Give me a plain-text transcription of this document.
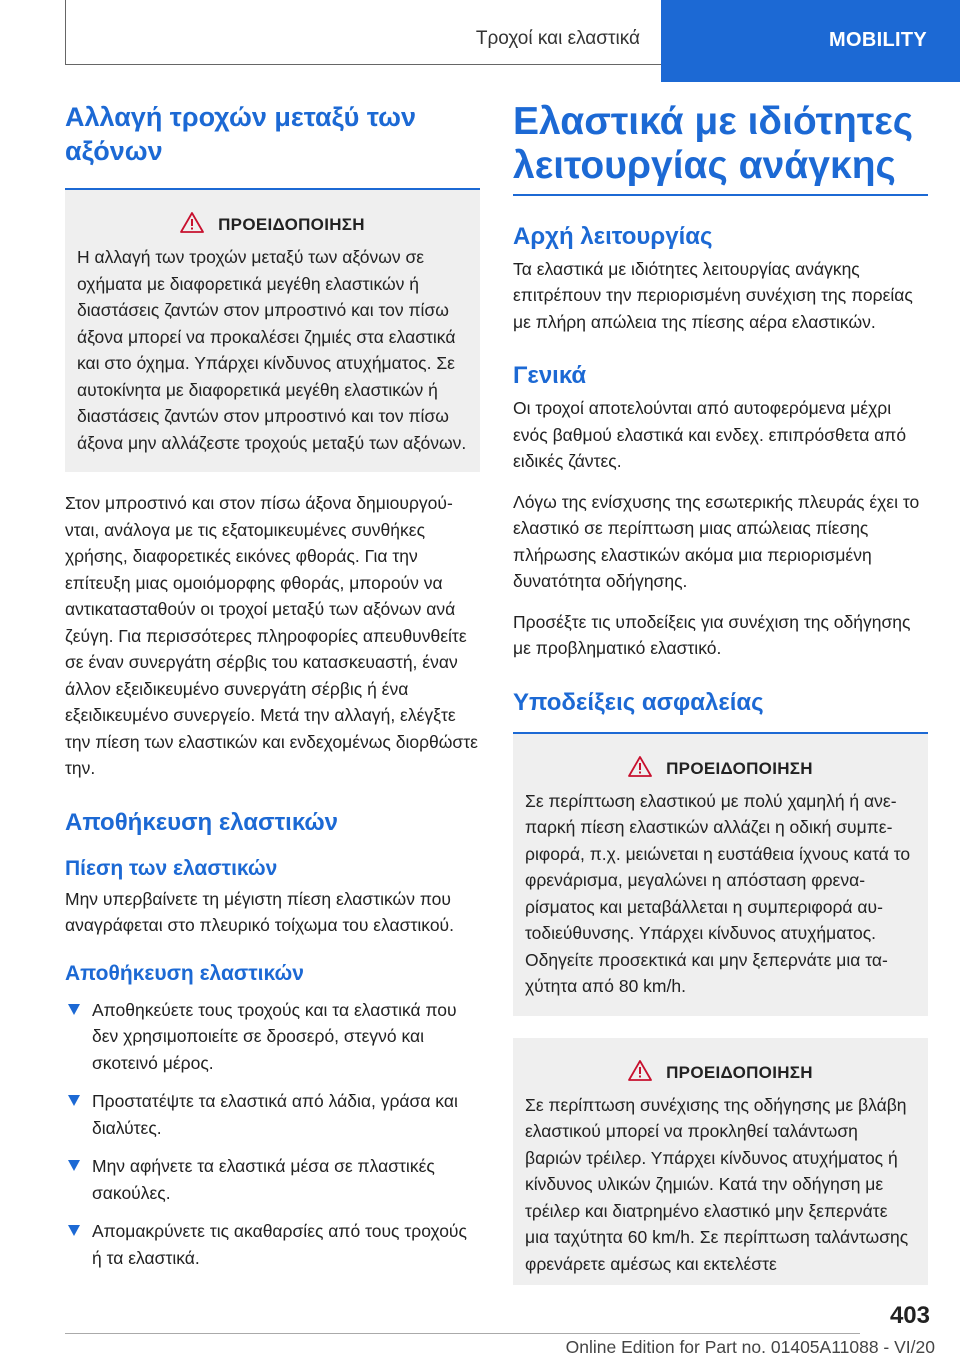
Τροχοί και ελαστικά	MOBILITY
Αλλαγή τροχών μεταξύ των αξόνων
ΠΡΟΕΙΔΟΠΟΙΗΣΗ

Η αλλαγή των τροχών μεταξύ των αξόνων σε οχήματα με διαφορετικά μεγέθη ελαστικών ή διαστάσεις ζαντών στον μπροστινό και τον πίσω άξονα μπορεί να προκαλέσει ζημιές στα ελαστικά και στο όχημα. Υπάρχει κίνδυνος ατυχήματος. Σε αυτοκίνητα με διαφορετικά μεγέθη ελαστικών ή διαστάσεις ζαντών στον μπροστινό και τον πίσω άξονα μην αλλάζεστε τροχούς μεταξύ των αξόνων.

Στον μπροστινό και στον πίσω άξονα δημιουργούνται, ανάλογα με τις εξατομικευμένες συνθήκες χρήσης, διαφορετικές εικόνες φθοράς. Για την επίτευξη μιας ομοιόμορφης φθοράς, μπορούν να αντικατασταθούν οι τροχοί μεταξύ των αξόνων ανά ζεύγη. Για περισσότερες πληροφορίες απευθυνθείτε σε έναν συνεργάτη σέρβις του κατασκευαστή, έναν άλλον εξειδικευμένο συνεργάτη σέρβις ή ένα εξειδικευμένο συνεργείο. Μετά την αλλαγή, ελέγξτε την πίεση των ελαστικών και ενδεχομένως διορθώστε την.

Αποθήκευση ελαστικών
Πίεση των ελαστικών

Μην υπερβαίνετε τη μέγιστη πίεση ελαστικών που αναγράφεται στο πλευρικό τοίχωμα του ελαστικού.

Αποθήκευση ελαστικών
Αποθηκεύετε τους τροχούς και τα ελαστικά που δεν χρησιμοποιείτε σε δροσερό, στεγνό και σκοτεινό μέρος.
Προστατέψτε τα ελαστικά από λάδια, γράσα και διαλύτες.
Μην αφήνετε τα ελαστικά μέσα σε πλαστικές σακούλες.
Απομακρύνετε τις ακαθαρσίες από τους τροχούς ή τα ελαστικά.
Ελαστικά με ιδιότητες λειτουργίας ανάγκης
Αρχή λειτουργίας

Τα ελαστικά με ιδιότητες λειτουργίας ανάγκης επιτρέπουν την περιορισμένη συνέχιση της πορείας με πλήρη απώλεια της πίεσης αέρα ελαστικών.

Γενικά

Οι τροχοί αποτελούνται από αυτοφερόμενα μέχρι ενός βαθμού ελαστικά και ενδεχ. επιπρόσθετα από ειδικές ζάντες.

Λόγω της ενίσχυσης της εσωτερικής πλευράς έχει το ελαστικό σε περίπτωση μιας απώλειας πίεσης πλήρωσης ελαστικών ακόμα μια περιορισμένη δυνατότητα οδήγησης.

Προσέξτε τις υποδείξεις για συνέχιση της οδήγησης με προβληματικό ελαστικό.

Υποδείξεις ασφαλείας
ΠΡΟΕΙΔΟΠΟΙΗΣΗ

Σε περίπτωση ελαστικού με πολύ χαμηλή ή ανεπαρκή πίεση ελαστικών αλλάζει η οδική συμπεριφορά, π.χ. μειώνεται η ευστάθεια ίχνους κατά το φρενάρισμα, μεγαλώνει η απόσταση φρεναρίσματος και μεταβάλλεται η συμπεριφορά αυτοδιεύθυνσης. Υπάρχει κίνδυνος ατυχήματος. Οδηγείτε προσεκτικά και μην ξεπερνάτε μια ταχύτητα από 80 km/h.

ΠΡΟΕΙΔΟΠΟΙΗΣΗ

Σε περίπτωση συνέχισης της οδήγησης με βλάβη ελαστικού μπορεί να προκληθεί ταλάντωση βαριών τρέιλερ. Υπάρχει κίνδυνος ατυχήματος ή κίνδυνος υλικών ζημιών. Κατά την οδήγηση με τρέιλερ και διατρημένο ελαστικό μην ξεπερνάτε μια ταχύτητα 60 km/h. Σε περίπτωση ταλάντωσης φρενάρετε αμέσως και εκτελέστε

403
Online Edition for Part no. 01405A11088 - VI/20
